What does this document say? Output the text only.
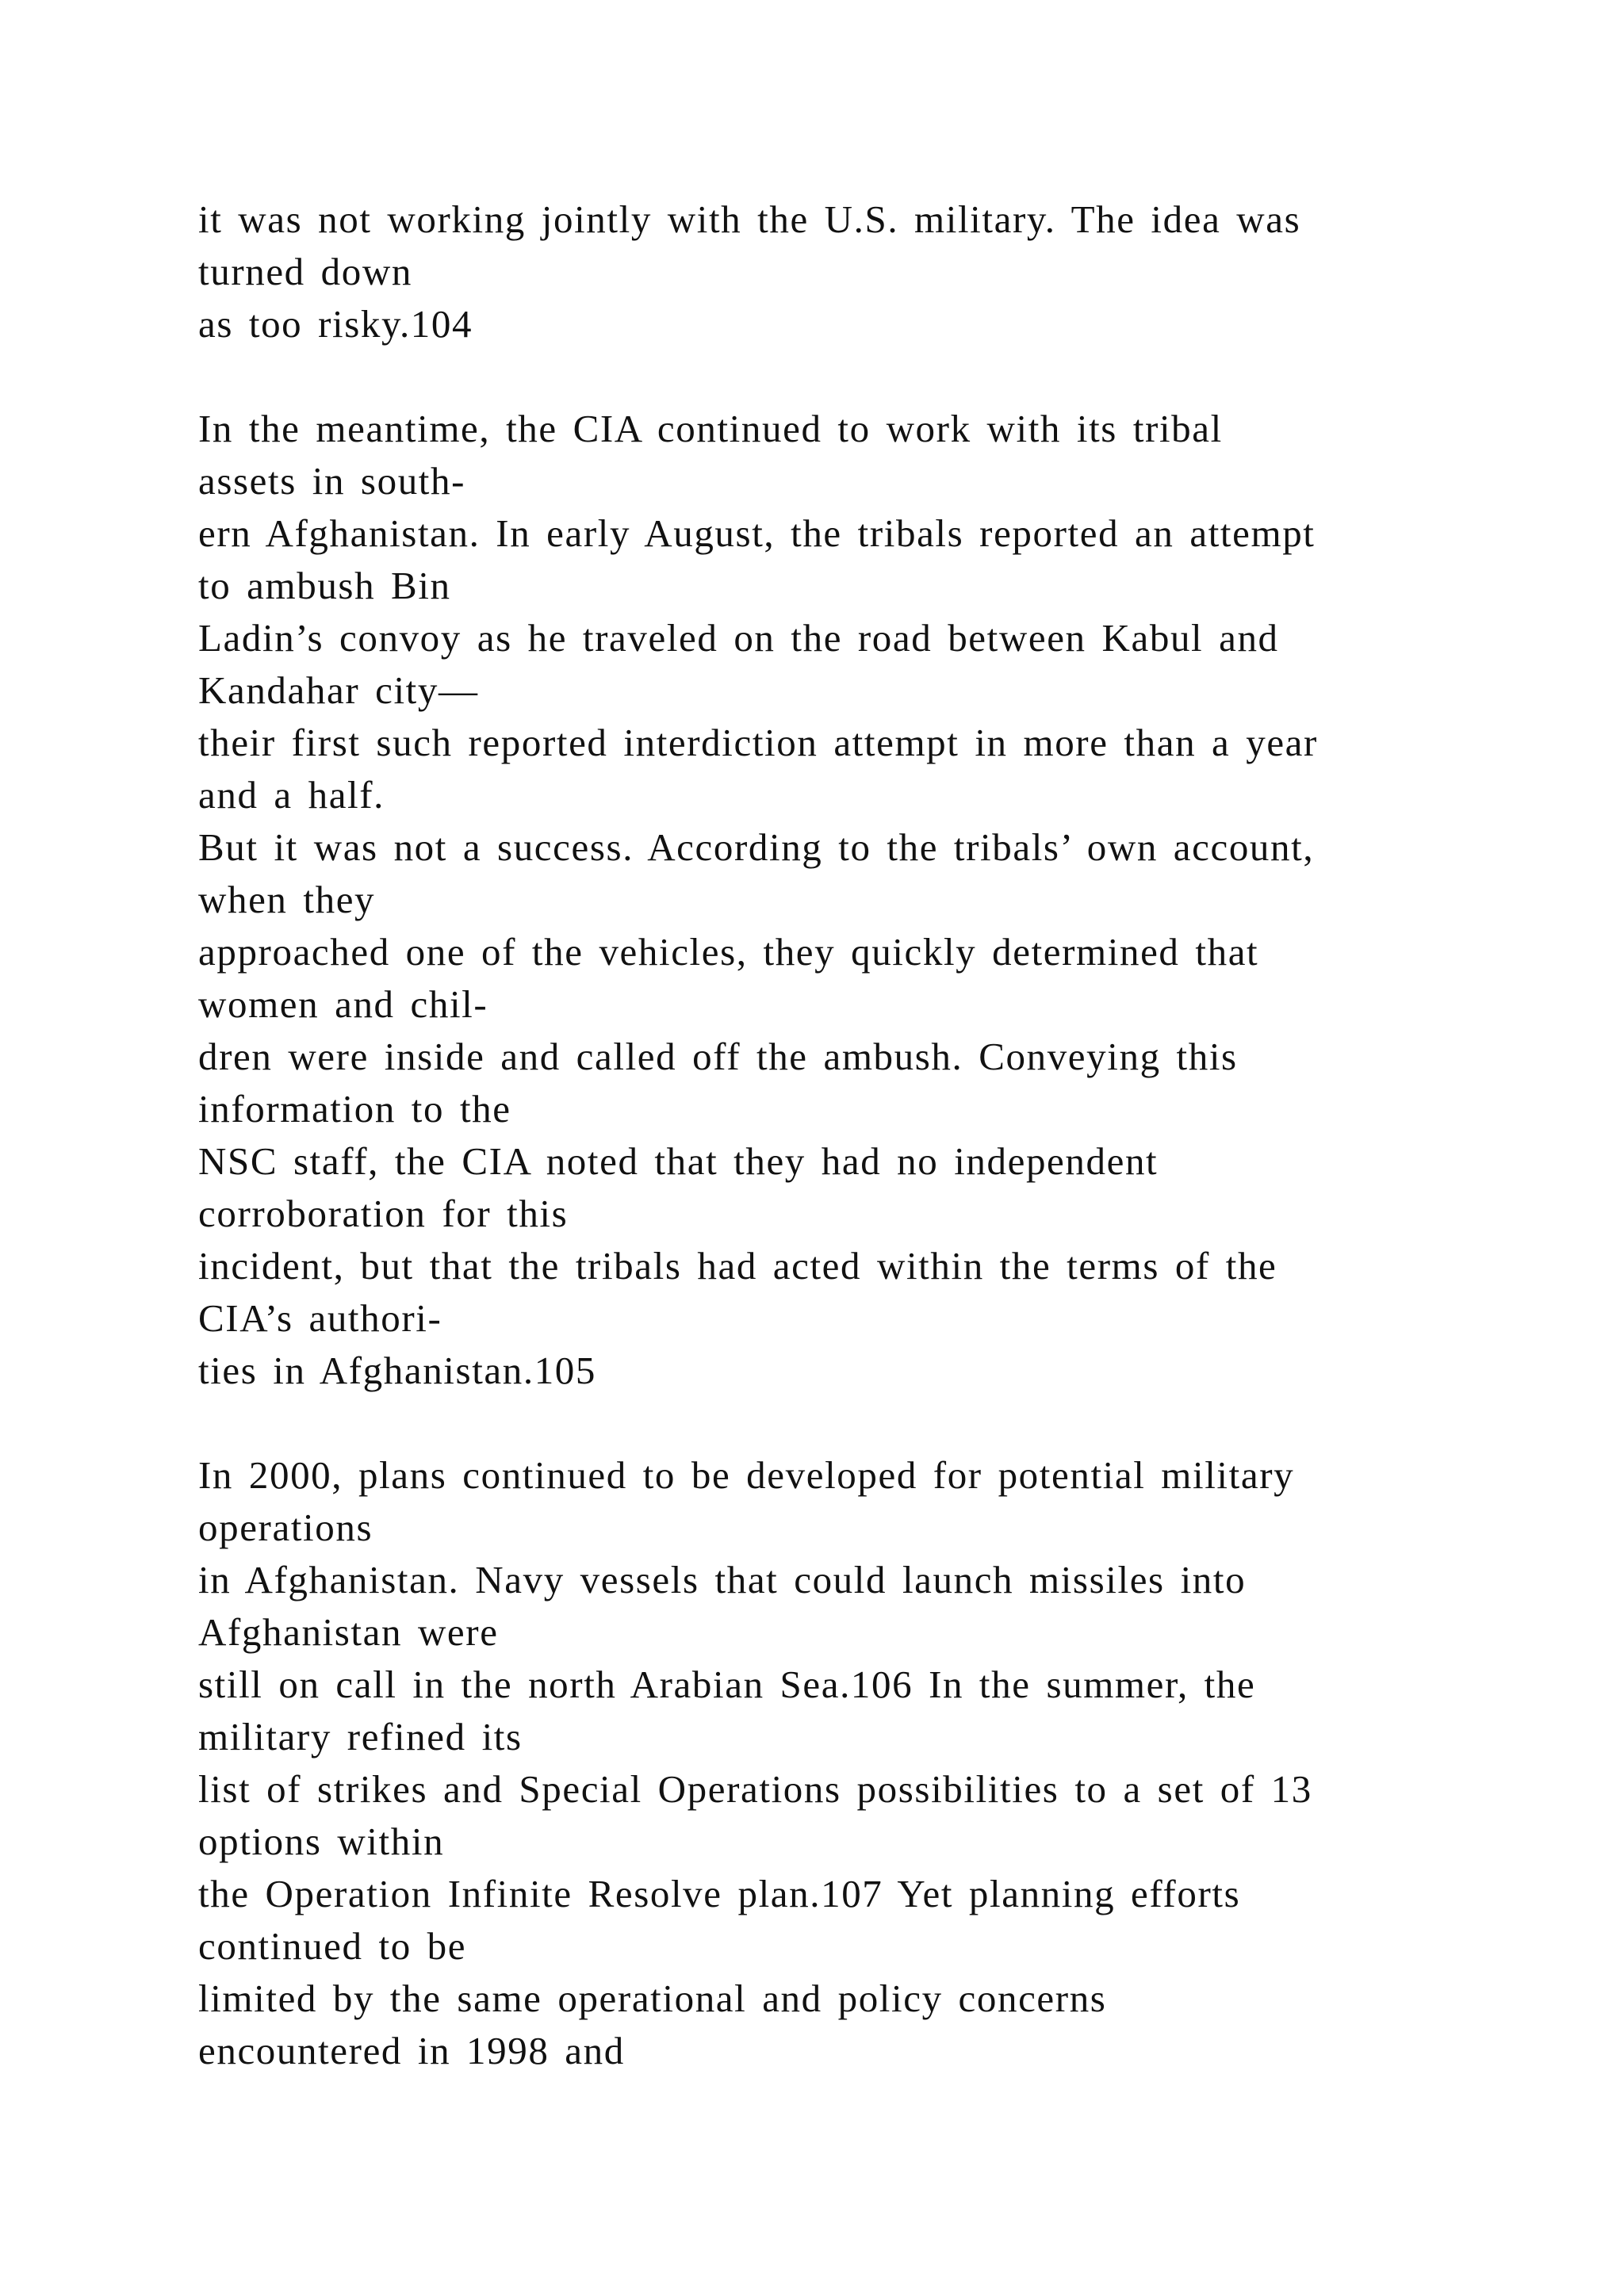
it was not working jointly with the U.S. military. The idea was
turned down
as too risky.104
In the meantime, the CIA continued to work with its tribal
assets in south-
ern Afghanistan. In early August, the tribals reported an attempt
to ambush Bin
Ladin’s convoy as he traveled on the road between Kabul and
Kandahar city—
their first such reported interdiction attempt in more than a year
and a half.
But it was not a success. According to the tribals’ own account,
when they
approached one of the vehicles, they quickly determined that
women and chil-
dren were inside and called off the ambush. Conveying this
information to the
NSC staff, the CIA noted that they had no independent
corroboration for this
incident, but that the tribals had acted within the terms of the
CIA’s authori-
ties in Afghanistan.105
In 2000, plans continued to be developed for potential military
operations
in Afghanistan. Navy vessels that could launch missiles into
Afghanistan were
still on call in the north Arabian Sea.106 In the summer, the
military refined its
list of strikes and Special Operations possibilities to a set of 13
options within
the Operation Infinite Resolve plan.107 Yet planning efforts
continued to be
limited by the same operational and policy concerns
encountered in 1998 and
